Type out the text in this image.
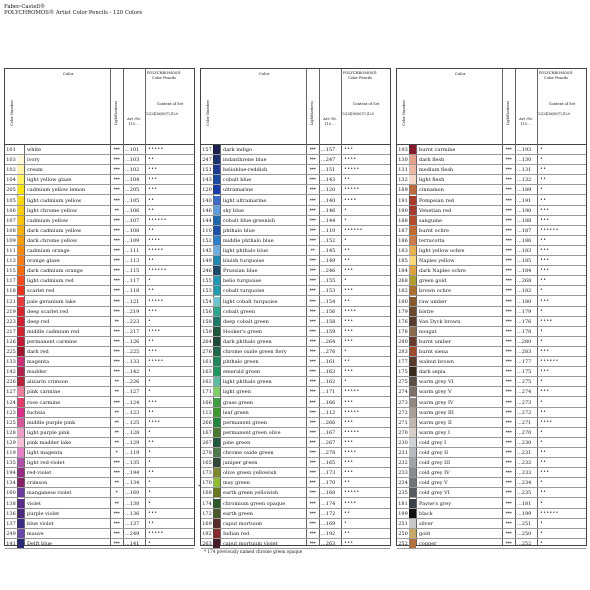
Faber-Castell®
POLYCHROMOS® Artist Color Pencils - 120 Colors
Color Number
Color
Lightfastness
POLYCHROMOS®
Color Pencils
Art.-Nr.
110 ...
Content of Set
12|24|36|60|72|120
101 white	***	...101 •••••
103 ivory	***	...103 ••
102 cream	***	...102 •••
104 light yellow glaze	***	...104 •••
205 cadmium yellow lemon	***	...205 •••
105 light cadmium yellow	***	...105 ••
106 light chrome yellow	**	...106 ••
107 cadmium yellow	***	...107 ••••••
108 dark cadmium yellow	***	...108 ••
109 dark chrome yellow	***	...109 ••••
111 cadmium orange	***	...111 •••••
113 orange glaze	***	...113 ••
115 dark cadmium orange	***	...115 ••••••
117 light cadmium red	***	...117 •
118 scarlet red	***	...118 ••
121 pale geranium lake	***	...121 •••••
219 deep scarlet red	***	...219 •••
223 deep red	**	...223 •
217 middle cadmium red	***	...217 ••••
126 permanent carmine	***	...126 ••
225 dark red	***	...225 •••
133 magenta	***	...133 •••••
142 madder	***	...142 •
226 alizarin crimson	**	...226 •
127 pink carmine	**	...127 •
124 rose carmine	***	...124 •••
123 fuchsia	**	...123 ••
125 middle purple pink	**	...125 ••••
128 light purple pink	**	...128 •
129 pink madder lake	**	...129 ••
119 light magenta	*	...119 •
135 light red-violet	***	...135 •
194 red-violet	***	...194 ••
134 crimson	**	...134 •
160 manganese violet	*	...160 •
138 violet	**	...138 •
136 purple violet	***	...136 •••
137 blue violet	***	...137 ••
249 mauve	***	...249 •••••
141 Delft blue	***	...141 •
Color Number
Color
Lightfastness
POLYCHROMOS®
Color Pencils
Art.-Nr.
110 ...
Content of Set
12|24|36|60|72|120
157 dark indigo	***	...157 •••
247 indanthrene blue	***	...247 ••••
151 helioblue-reddish	***	...151 •••••
143 cobalt blue	***	...143 ••
120 ultramarine	***	...120 •••••
140 light ultramarine	***	...140 ••••
146 sky blue	***	...146 •
144 cobalt blue-greenish	***	...144 •
110 phthalo blue	***	...110 ••••••
152 middle phthalo blue	***	...152 •
145 light phthalo blue	**	...145 ••
149 bluish turquoise	***	...149 ••
246 Prussian blue	***	...246 •••
155 helio turquoise	***	...155 •
153 cobalt turquoise	***	...153 •••
154 light cobalt turquoise	***	...154 ••
156 cobalt green	***	...156 ••••
158 deep cobalt green	***	...158 •••
159 Hooker's green	***	...159 •••
264 dark phthalo green	***	...264 •••
276 chrome oxide green fiery	***	...276 •
161 phthalo green	***	...161 ••
163 emerald green	***	...163 •••
162 light phthalo green	***	...162 •
171 light green	***	...171 •••••
166 grass green	***	...166 •••
112 leaf green	***	...112 •••••
266 permanent green	***	...266 •••
167 permanent green olive	***	...167 •••••
267 pine green	***	...267 •••
278 chrome oxide green	***	...278 ••••
165 juniper green	***	...165 •••
173 olive green yellowish	***	...173 •••
170 may green	***	...170 ••
168 earth green yellowish	***	...168 •••••
174 chromium green opaque	***	...174 ••••
172 earth green	***	...172 ••
169 caput mortuum	***	...169 •
192 Indian red	***	...192 ••
263 caput mortuum violet	***	...263 •••
Color Number
Color
Lightfastness
POLYCHROMOS®
Color Pencils
Art.-Nr.
110 ...
Content of Set
12|24|36|60|72|120
193 burnt carmine	***	...193 •
130 dark flesh	***	...130 •
131 medium flesh	***	...131 ••
132 light flesh	***	...132 ••
189 cinnamon	***	...189 •
191 Pompeian red	***	...191 ••
190 Venetian red	***	...190 •••
188 sanguine	***	...188 •••
187 burnt ochre	***	...187 ••••••
186 terracotta	***	...186 ••
183 light yellow ochre	***	...183 •••
185 Naples yellow	***	...185 •••
184 dark Naples ochre	***	...184 •••
268 green gold	***	...268 ••
182 brown ochre	***	...182 •
180 raw umber	***	...180 •••
179 bistre	***	...179 •
176 Van Dyck brown	***	...176 ••••
178 nougat	***	...178 •
280 burnt umber	***	...280 •
283 burnt siena	***	...283 •••
177 walnut brown	***	...177 ••••••
175 dark sepia	***	...175 •••
275 warm grey VI	***	...275 •
274 warm grey V	***	...274 •••
273 warm grey IV	***	...273 •
272 warm grey III	***	...272 ••
271 warm grey II	***	...271 ••••
270 warm grey I	***	...270 •
230 cold grey I	***	...230 •
231 cold grey II	***	...231 ••
232 cold grey III	***	...232 ••
233 cold grey IV	***	...233 •••
234 cold grey V	***	...234 •
235 cold grey VI	***	...235 ••
181 Payne's grey	***	...181 •
199 black	***	...199 ••••••
251 silver	***	...251 •
250 gold	***	...250 •
252 copper	***	...252 •
*
* 174 previously named chrome green opaque
